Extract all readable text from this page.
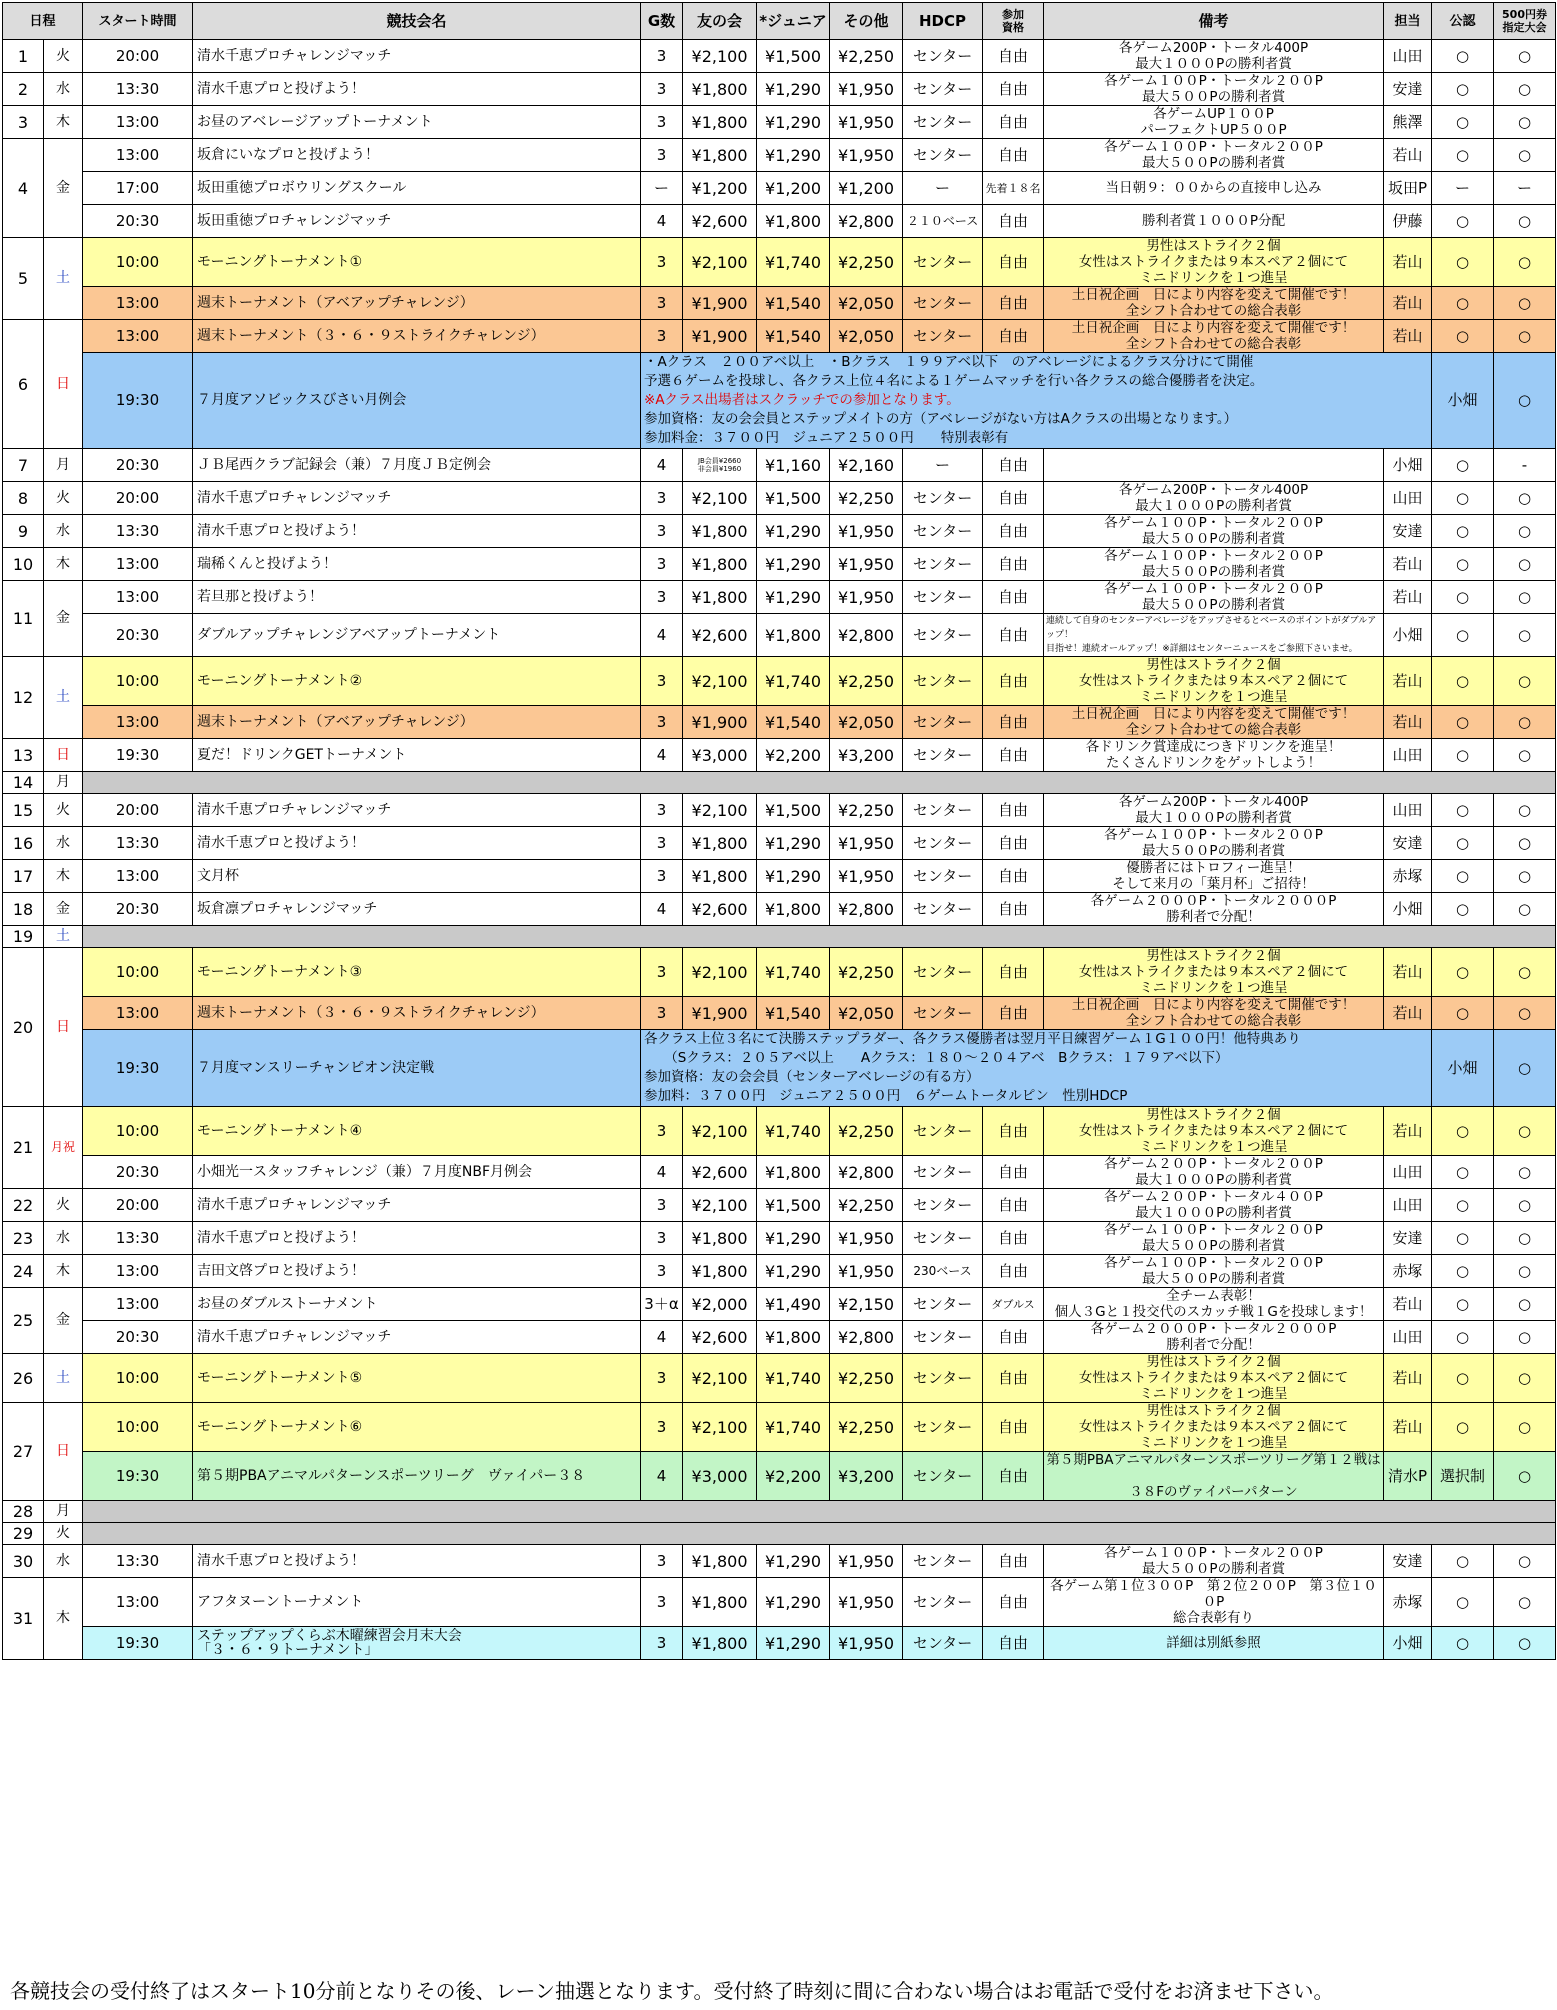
日程		スタート時間	競技会名	G数	友の会	*ジュニア	その他	HDCP	参加
資格	備考	担当	公認	500円券
指定大会	
1	火	20:00	清水千恵プロチャレンジマッチ	3	¥2,100	¥1,500	¥2,250	センター	自由	各ゲーム200P・トータル400P
最大１０００Pの勝利者賞	山田	○	○	
2	水	13:30	清水千恵プロと投げよう！	3	¥1,800	¥1,290	¥1,950	センター	自由	各ゲーム１００P・トータル２００P
最大５００Pの勝利者賞	安達	○	○	
3	木	13:00	お昼のアベレージアップトーナメント	3	¥1,800	¥1,290	¥1,950	センター	自由	各ゲームUP１００P
パーフェクトUP５００P	熊澤	○	○	
4	金	13:00	坂倉にいなプロと投げよう！	3	¥1,800	¥1,290	¥1,950	センター	自由	各ゲーム１００P・トータル２００P
最大５００Pの勝利者賞	若山	○	○	
		17:00	坂田重徳プロボウリングスクール	ー	¥1,200	¥1,200	¥1,200	ー	先着１８名	当日朝９：００からの直接申し込み	坂田P	ー	ー	
		20:30	坂田重徳プロチャレンジマッチ	4	¥2,600	¥1,800	¥2,800	２１０ベース	自由	勝利者賞１０００P分配	伊藤	○	○	
5	土	10:00	モーニングトーナメント①	3	¥2,100	¥1,740	¥2,250	センター	自由	男性はストライク２個
女性はストライクまたは９本スペア２個にて
ミニドリンクを１つ進呈	若山	○	○	
		13:00	週末トーナメント（アベアップチャレンジ）	3	¥1,900	¥1,540	¥2,050	センター	自由	土日祝企画　日により内容を変えて開催です！
全シフト合わせての総合表彰	若山	○	○	
6	日	13:00	週末トーナメント（３・６・９ストライクチャレンジ）	3	¥1,900	¥1,540	¥2,050	センター	自由	土日祝企画　日により内容を変えて開催です！
全シフト合わせての総合表彰	若山	○	○	
		19:30	７月度アソビックスびさい月例会	・Aクラス　２００アベ以上　・Bクラス　１９９アベ以下　のアベレージによるクラス分けにて開催
予選６ゲームを投球し、各クラス上位４名による１ゲームマッチを行い各クラスの総合優勝者を決定。
※Aクラス出場者はスクラッチでの参加となります。
参加資格：友の会会員とステップメイトの方（アベレージがない方はAクラスの出場となります。）
参加料金：３７００円　ジュニア２５００円　　特別表彰有								小畑	○	
7	月	20:30	ＪＢ尾西クラブ記録会（兼）７月度ＪＢ定例会	4	JB会員¥2660
非会員¥1960	¥1,160	¥2,160	ー	自由		小畑	○	-	
8	火	20:00	清水千恵プロチャレンジマッチ	3	¥2,100	¥1,500	¥2,250	センター	自由	各ゲーム200P・トータル400P
最大１０００Pの勝利者賞	山田	○	○	
9	水	13:30	清水千恵プロと投げよう！	3	¥1,800	¥1,290	¥1,950	センター	自由	各ゲーム１００P・トータル２００P
最大５００Pの勝利者賞	安達	○	○	
10	木	13:00	瑞稀くんと投げよう！	3	¥1,800	¥1,290	¥1,950	センター	自由	各ゲーム１００P・トータル２００P
最大５００Pの勝利者賞	若山	○	○	
11	金	13:00	若旦那と投げよう！	3	¥1,800	¥1,290	¥1,950	センター	自由	各ゲーム１００P・トータル２００P
最大５００Pの勝利者賞	若山	○	○	
		20:30	ダブルアップチャレンジアベアップトーナメント	4	¥2,600	¥1,800	¥2,800	センター	自由	連続して自身のセンターアベレージをアップさせるとベースのポイントがダブルアップ！
目指せ！連続オールアップ！※詳細はセンターニュースをご参照下さいませ。	小畑	○	○	
12	土	10:00	モーニングトーナメント②	3	¥2,100	¥1,740	¥2,250	センター	自由	男性はストライク２個
女性はストライクまたは９本スペア２個にて
ミニドリンクを１つ進呈	若山	○	○	
		13:00	週末トーナメント（アベアップチャレンジ）	3	¥1,900	¥1,540	¥2,050	センター	自由	土日祝企画　日により内容を変えて開催です！
全シフト合わせての総合表彰	若山	○	○	
13	日	19:30	夏だ！ドリンクGETトーナメント	4	¥3,000	¥2,200	¥3,200	センター	自由	各ドリンク賞達成につきドリンクを進呈！
たくさんドリンクをゲットしよう！	山田	○	○	
14	月													
15	火	20:00	清水千恵プロチャレンジマッチ	3	¥2,100	¥1,500	¥2,250	センター	自由	各ゲーム200P・トータル400P
最大１０００Pの勝利者賞	山田	○	○	
16	水	13:30	清水千恵プロと投げよう！	3	¥1,800	¥1,290	¥1,950	センター	自由	各ゲーム１００P・トータル２００P
最大５００Pの勝利者賞	安達	○	○	
17	木	13:00	文月杯	3	¥1,800	¥1,290	¥1,950	センター	自由	優勝者にはトロフィー進呈！
そして来月の「葉月杯」ご招待！	赤塚	○	○	
18	金	20:30	坂倉凛プロチャレンジマッチ	4	¥2,600	¥1,800	¥2,800	センター	自由	各ゲーム２０００P・トータル２０００P
勝利者で分配！	小畑	○	○	
19	土													
20	日	10:00	モーニングトーナメント③	3	¥2,100	¥1,740	¥2,250	センター	自由	男性はストライク２個
女性はストライクまたは９本スペア２個にて
ミニドリンクを１つ進呈	若山	○	○	
		13:00	週末トーナメント（３・６・９ストライクチャレンジ）	3	¥1,900	¥1,540	¥2,050	センター	自由	土日祝企画　日により内容を変えて開催です！
全シフト合わせての総合表彰	若山	○	○	
		19:30	７月度マンスリーチャンピオン決定戦	各クラス上位３名にて決勝ステップラダー、各クラス優勝者は翌月平日練習ゲーム１G１００円！他特典あり
　　（Sクラス：２０５アベ以上　　Aクラス：１８０～２０４アベ　Bクラス：１７９アベ以下）
参加資格：友の会会員（センターアベレージの有る方）
参加料：３７００円　ジュニア２５００円　６ゲームトータルピン　性別HDCP								小畑	○	
21	月祝	10:00	モーニングトーナメント④	3	¥2,100	¥1,740	¥2,250	センター	自由	男性はストライク２個
女性はストライクまたは９本スペア２個にて
ミニドリンクを１つ進呈	若山	○	○	
		20:30	小畑光一スタッフチャレンジ（兼）７月度NBF月例会	4	¥2,600	¥1,800	¥2,800	センター	自由	各ゲーム２００P・トータル２００P
最大１０００Pの勝利者賞	山田	○	○	
22	火	20:00	清水千恵プロチャレンジマッチ	3	¥2,100	¥1,500	¥2,250	センター	自由	各ゲーム２００P・トータル４００P
最大１０００Pの勝利者賞	山田	○	○	
23	水	13:30	清水千恵プロと投げよう！	3	¥1,800	¥1,290	¥1,950	センター	自由	各ゲーム１００P・トータル２００P
最大５００Pの勝利者賞	安達	○	○	
24	木	13:00	吉田文啓プロと投げよう！	3	¥1,800	¥1,290	¥1,950	230ベース	自由	各ゲーム１００P・トータル２００P
最大５００Pの勝利者賞	赤塚	○	○	
25	金	13:00	お昼のダブルストーナメント	3＋α	¥2,000	¥1,490	¥2,150	センター	ダブルス	全チーム表彰！
個人３Gと１投交代のスカッチ戦１Gを投球します！	若山	○	○	
		20:30	清水千恵プロチャレンジマッチ	4	¥2,600	¥1,800	¥2,800	センター	自由	各ゲーム２０００P・トータル２０００P
勝利者で分配！	山田	○	○	
26	土	10:00	モーニングトーナメント⑤	3	¥2,100	¥1,740	¥2,250	センター	自由	男性はストライク２個
女性はストライクまたは９本スペア２個にて
ミニドリンクを１つ進呈	若山	○	○	
27	日	10:00	モーニングトーナメント⑥	3	¥2,100	¥1,740	¥2,250	センター	自由	男性はストライク２個
女性はストライクまたは９本スペア２個にて
ミニドリンクを１つ進呈	若山	○	○	
		19:30	第５期PBAアニマルパターンスポーツリーグ　ヴァイパー３８	4	¥3,000	¥2,200	¥3,200	センター	自由	第５期PBAアニマルパターンスポーツリーグ第１２戦は

３８Fのヴァイパーパターン	清水P	選択制	○	
28	月													
29	火													
30	水	13:30	清水千恵プロと投げよう！	3	¥1,800	¥1,290	¥1,950	センター	自由	各ゲーム１００P・トータル２００P
最大５００Pの勝利者賞	安達	○	○	
31	木	13:00	アフタヌーントーナメント	3	¥1,800	¥1,290	¥1,950	センター	自由	各ゲーム第１位３００P　第２位２００P　第３位１００P
総合表彰有り	赤塚	○	○	
		19:30	ステップアップくらぶ木曜練習会月末大会
「３・６・９トーナメント」	3	¥1,800	¥1,290	¥1,950	センター	自由	詳細は別紙参照	小畑	○	○	
各競技会の受付終了はスタート10分前となりその後、レーン抽選となります。受付終了時刻に間に合わない場合はお電話で受付をお済ませ下さい。
